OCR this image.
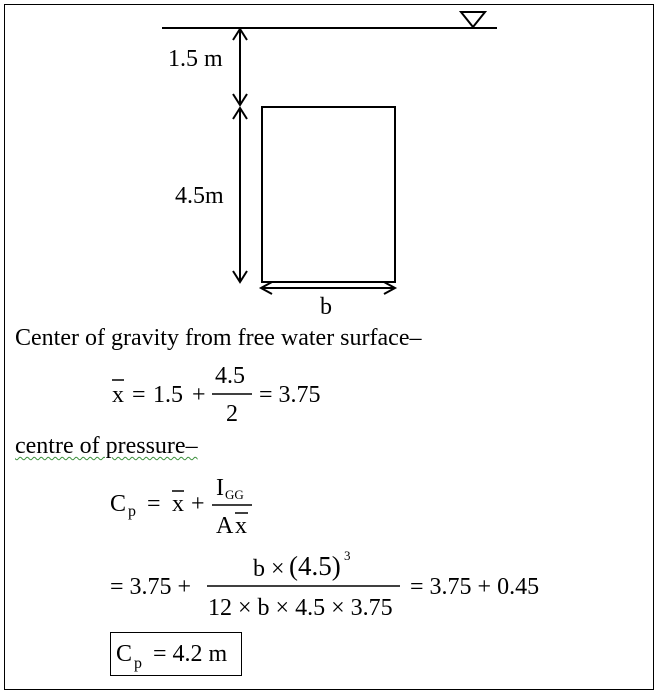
1.5 m
4.5m
b
Center of gravity from free water surface–
centre of pressure–
x = 1.5 +
4.5
2
= 3.75
C p = x +
I GG
A x
= 3.75 +
b × (4.5) 3
12 × b × 4.5 × 3.75
= 3.75 + 0.45
C p = 4.2 m
